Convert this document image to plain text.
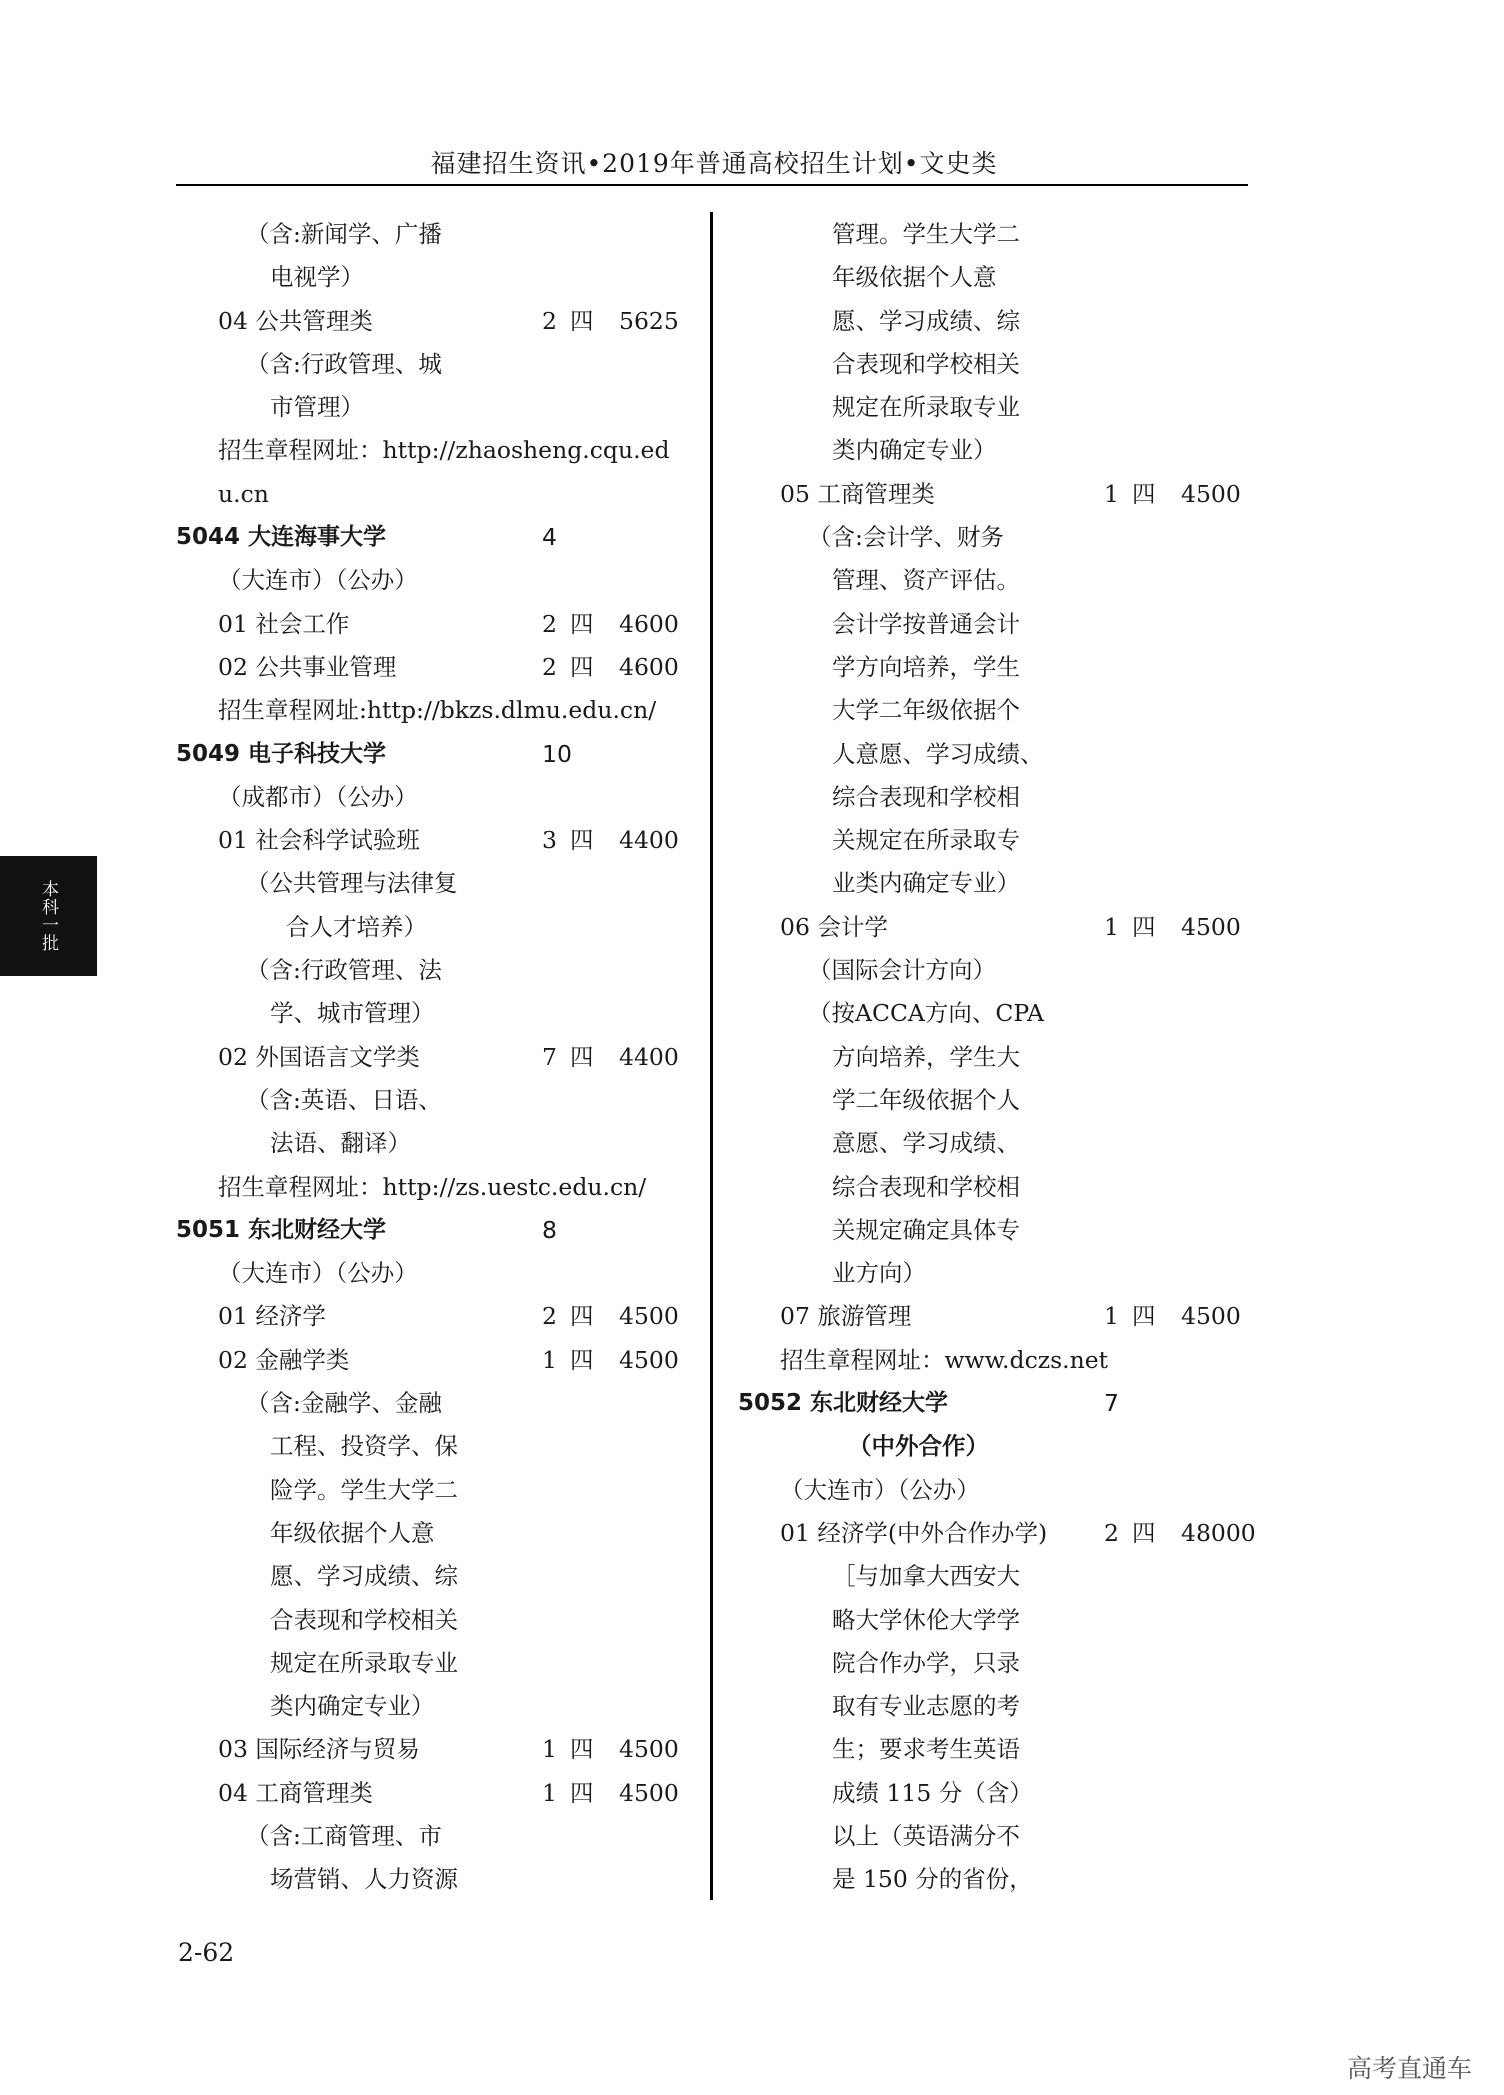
福建招生资讯•2019年普通高校招生计划•文史类
（含:新闻学、广播
电视学）
04 公共管理类	2 四 5625
（含:行政管理、城
市管理）
招生章程网址：http://zhaosheng.cqu.ed
u.cn
5044 大连海事大学	4
（大连市）（公办）
01 社会工作	2 四 4600
02 公共事业管理	2 四 4600
招生章程网址:http://bkzs.dlmu.edu.cn/
5049 电子科技大学	10
（成都市）（公办）
01 社会科学试验班	3 四 4400
（公共管理与法律复
合人才培养）
（含:行政管理、法
学、城市管理）
02 外国语言文学类	7 四 4400
（含:英语、日语、
法语、翻译）
招生章程网址：http://zs.uestc.edu.cn/
5051 东北财经大学	8
（大连市）（公办）
01 经济学	2 四 4500
02 金融学类	1 四 4500
（含:金融学、金融
工程、投资学、保
险学。学生大学二
年级依据个人意
愿、学习成绩、综
合表现和学校相关
规定在所录取专业
类内确定专业）
03 国际经济与贸易	1 四 4500
04 工商管理类	1 四 4500
（含:工商管理、市
场营销、人力资源
管理。学生大学二
年级依据个人意
愿、学习成绩、综
合表现和学校相关
规定在所录取专业
类内确定专业）
05 工商管理类	1 四 4500
（含:会计学、财务
管理、资产评估。
会计学按普通会计
学方向培养，学生
大学二年级依据个
人意愿、学习成绩、
综合表现和学校相
关规定在所录取专
业类内确定专业）
06 会计学	1 四 4500
（国际会计方向）
（按ACCA方向、CPA
方向培养，学生大
学二年级依据个人
意愿、学习成绩、
综合表现和学校相
关规定确定具体专
业方向）
07 旅游管理	1 四 4500
招生章程网址：www.dczs.net
5052 东北财经大学	7
（中外合作）
（大连市）（公办）
01 经济学(中外合作办学) 2 四 48000
［与加拿大西安大
略大学休伦大学学
院合作办学，只录
取有专业志愿的考
生；要求考生英语
成绩 115 分（含）
以上（英语满分不
是 150 分的省份，
本科一批
2-62
高考直通车
